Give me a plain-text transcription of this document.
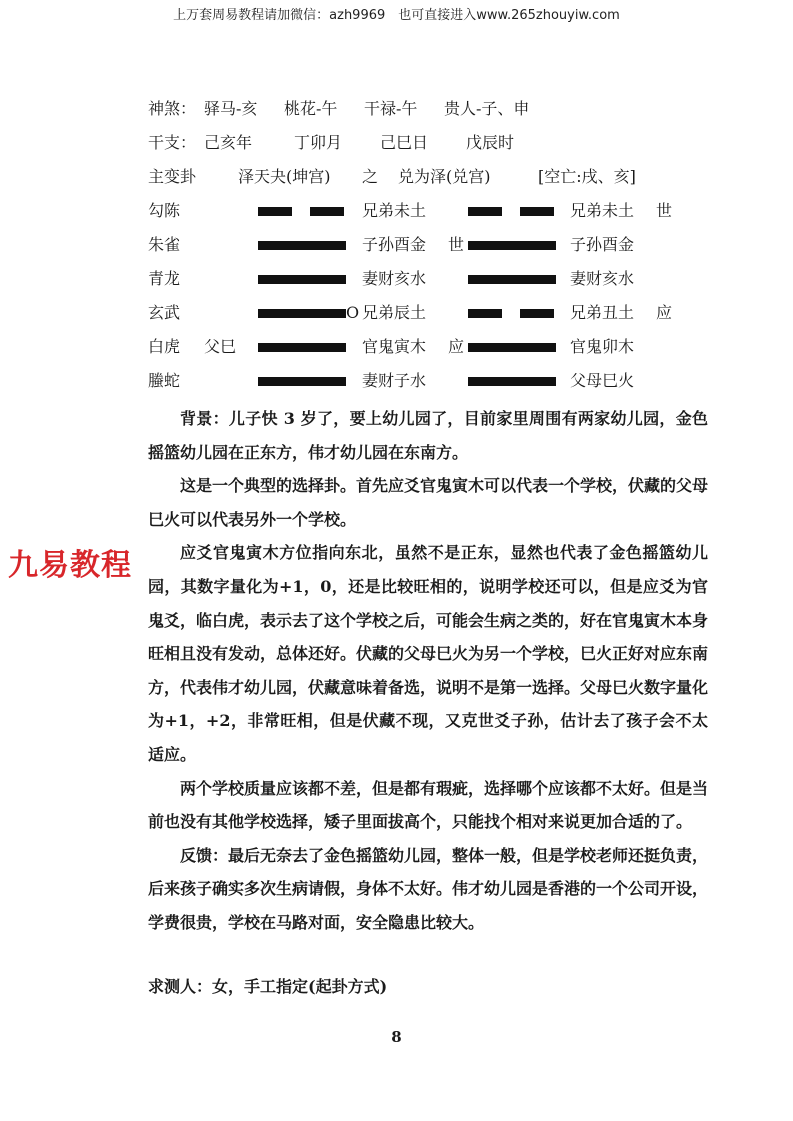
上万套周易教程请加微信：azh9969　也可直接进入www.265zhouyiw.com
九易教程
神煞： 驿马-亥 桃花-午 干禄-午 贵人-子、申
干支： 己亥年	丁卯月 己巳日 戊辰时
主变卦	泽天夬(坤宫) 之 兑为泽(兑宫)	[空亡:戌、亥]
勾陈	兄弟未土	兄弟未土 世
朱雀	子孙酉金 世	子孙酉金
青龙	妻财亥水	妻财亥水
玄武	O 兄弟辰土	兄弟丑土 应
白虎 父巳	官鬼寅木 应	官鬼卯木
螣蛇	妻财子水	父母巳火

背景：儿子快 3 岁了，要上幼儿园了，目前家里周围有两家幼儿园，金色摇篮幼儿园在正东方，伟才幼儿园在东南方。

这是一个典型的选择卦。首先应爻官鬼寅木可以代表一个学校，伏藏的父母巳火可以代表另外一个学校。

应爻官鬼寅木方位指向东北，虽然不是正东，显然也代表了金色摇篮幼儿园，其数字量化为+1，0，还是比较旺相的，说明学校还可以，但是应爻为官鬼爻，临白虎，表示去了这个学校之后，可能会生病之类的，好在官鬼寅木本身旺相且没有发动，总体还好。伏藏的父母巳火为另一个学校，巳火正好对应东南方，代表伟才幼儿园，伏藏意味着备选，说明不是第一选择。父母巳火数字量化为+1，+2，非常旺相，但是伏藏不现，又克世爻子孙，估计去了孩子会不太适应。

两个学校质量应该都不差，但是都有瑕疵，选择哪个应该都不太好。但是当前也没有其他学校选择，矮子里面拔高个，只能找个相对来说更加合适的了。

反馈：最后无奈去了金色摇篮幼儿园，整体一般，但是学校老师还挺负责，后来孩子确实多次生病请假，身体不太好。伟才幼儿园是香港的一个公司开设，学费很贵，学校在马路对面，安全隐患比较大。

求测人：女，手工指定(起卦方式)

8
